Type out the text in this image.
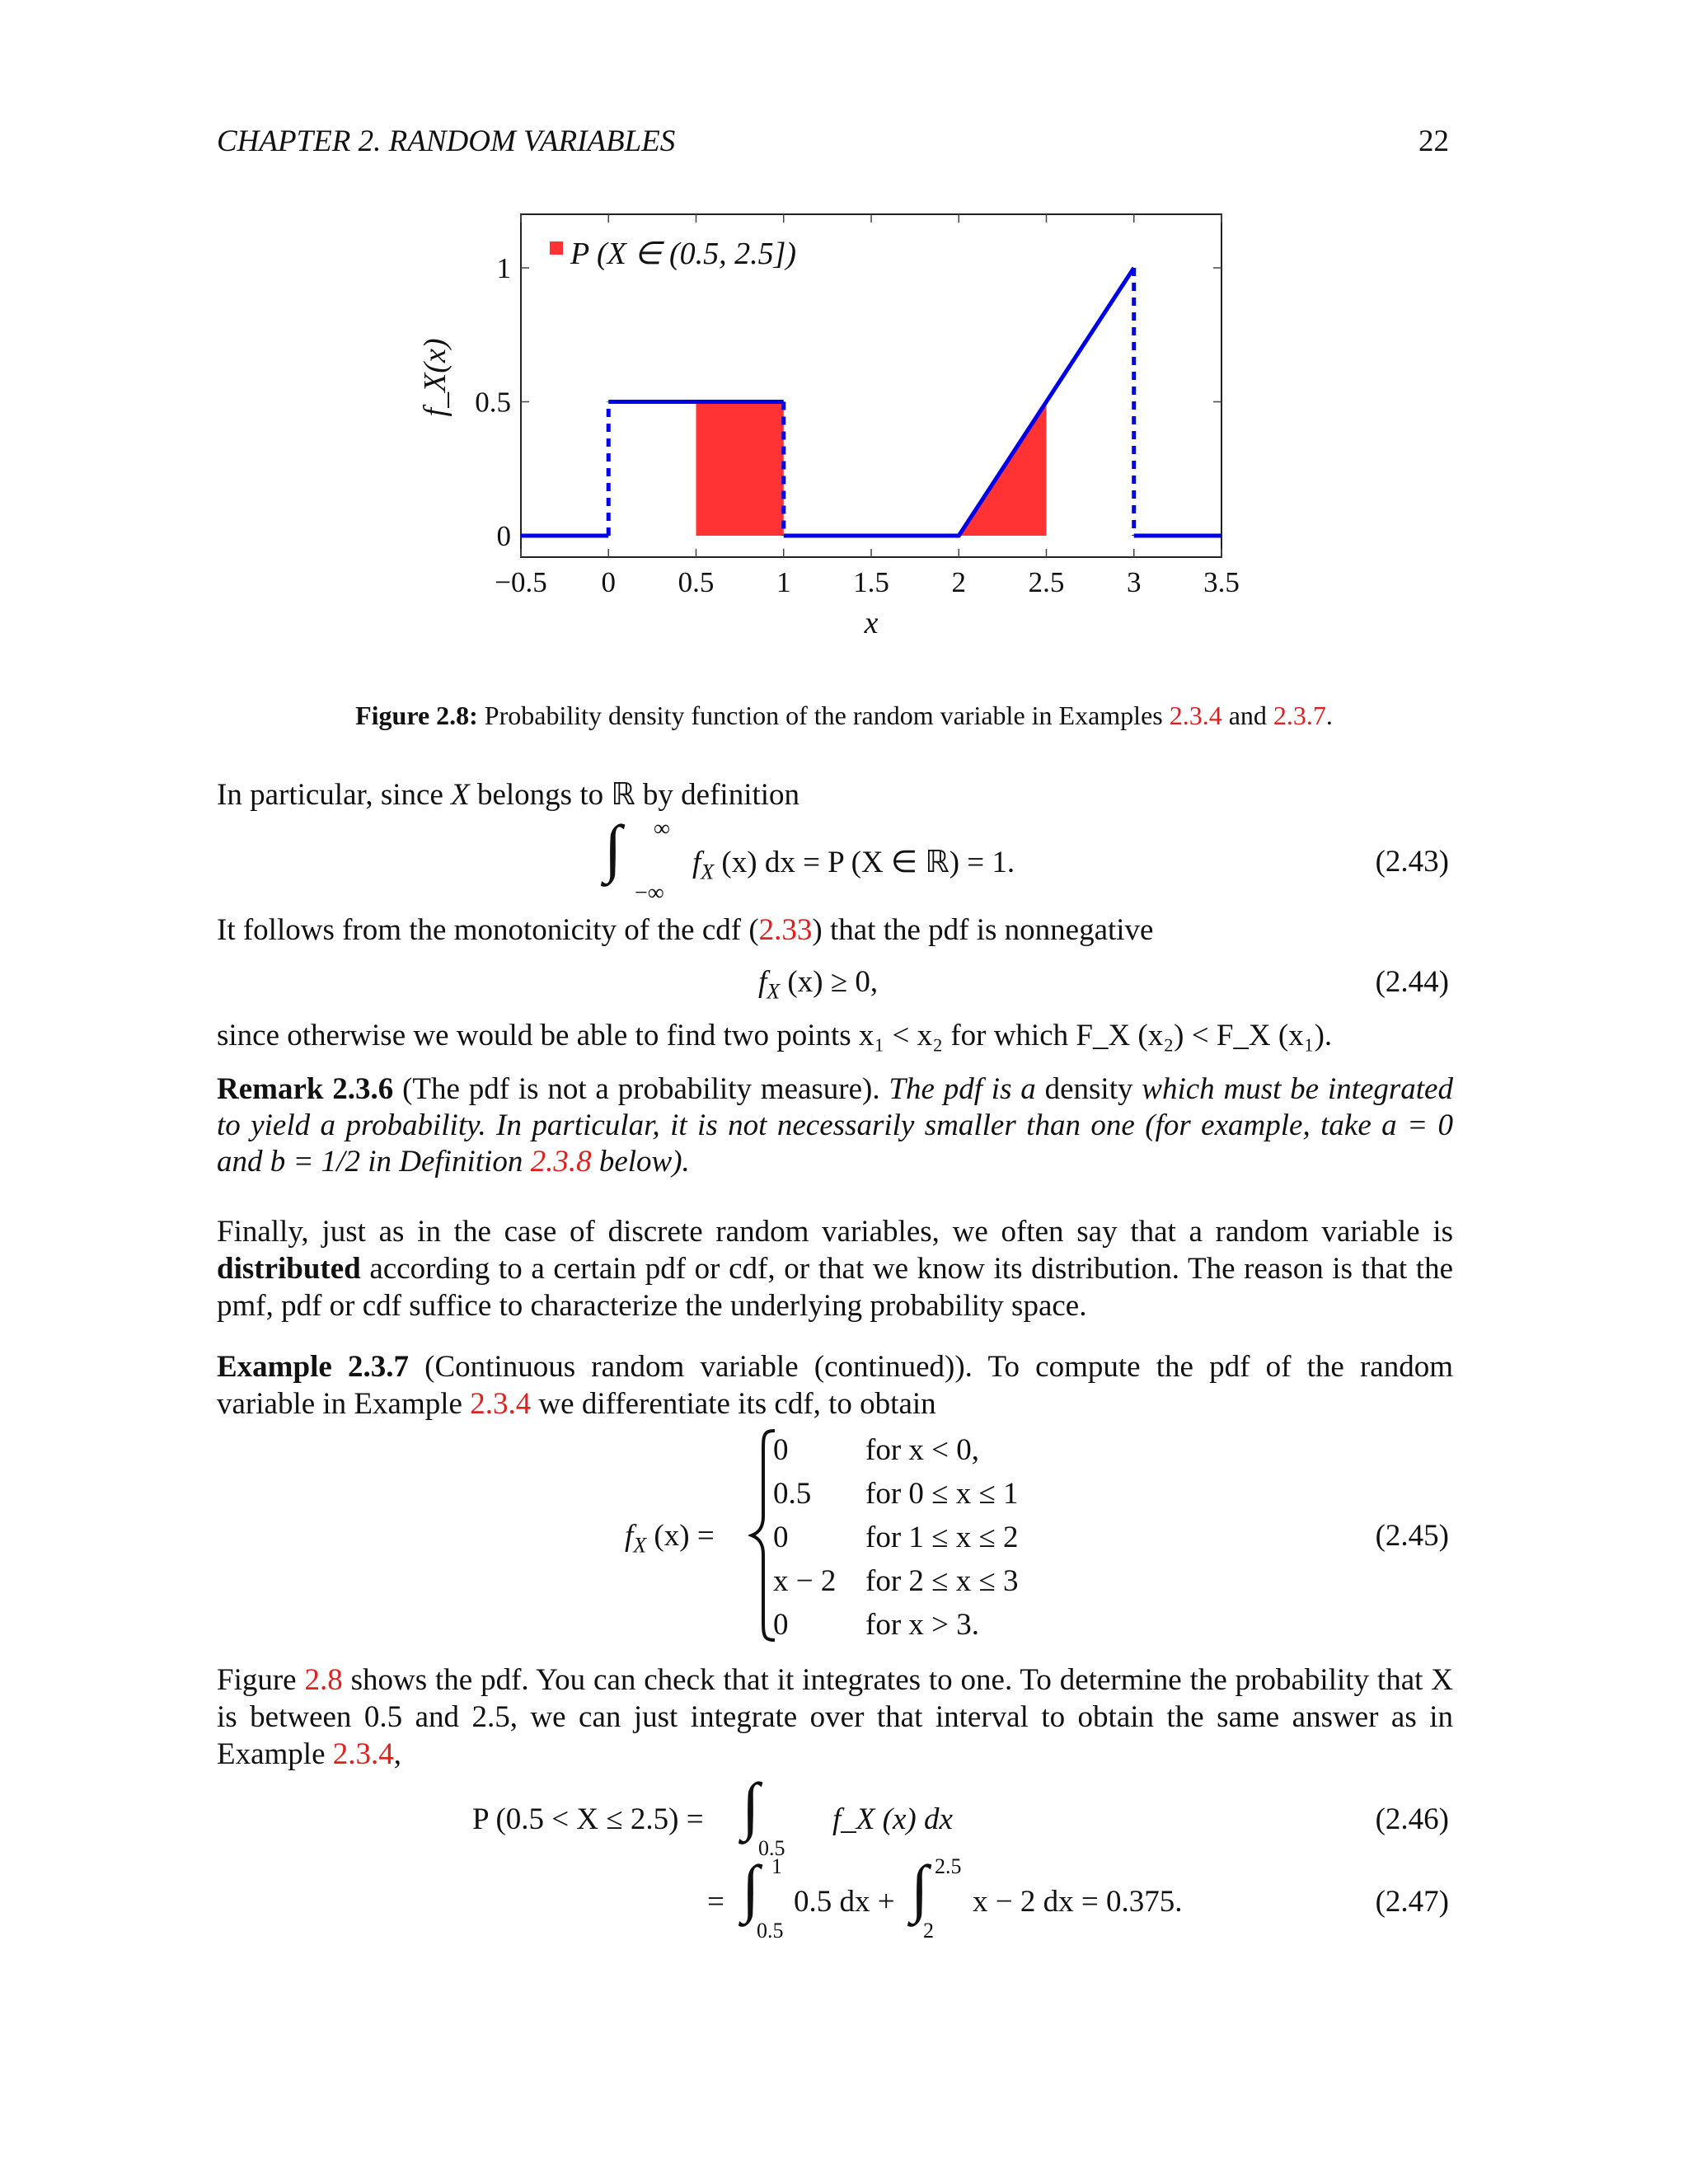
CHAPTER 2. RANDOM VARIABLES	22
−0.5 0 0.5 1 1.5 2 2.5 3 3.5
0
0.5
1 P (X ∈ (0.5, 2.5])
x
f_X(x)
Figure 2.8: Probability density function of the random variable in Examples 2.3.4 and 2.3.7.
In particular, since X belongs to ℝ by definition
∫ ∞
−∞
$f_X$ (x) dx = P (X ∈ ℝ) = 1.	(2.43)
It follows from the monotonicity of the cdf (2.33) that the pdf is nonnegative
$f_X$ (x) ≥ 0,	(2.44)
since otherwise we would be able to find two points x₁ < x₂ for which F_X (x₂) < F_X (x₁).
Remark 2.3.6 (The pdf is not a probability measure). The pdf is a density which must be integrated to yield a probability. In particular, it is not necessarily smaller than one (for example, take a = 0 and b = 1/2 in Definition 2.3.8 below).
Finally, just as in the case of discrete random variables, we often say that a random variable is distributed according to a certain pdf or cdf, or that we know its distribution. The reason is that the pmf, pdf or cdf suffice to characterize the underlying probability space.
Example 2.3.7 (Continuous random variable (continued)). To compute the pdf of the random variable in Example 2.3.4 we differentiate its cdf, to obtain
$f_X$ (x) =
0	for x < 0,
0.5 for 0 ≤ x ≤ 1
0	for 1 ≤ x ≤ 2
x − 2 for 2 ≤ x ≤ 3
0	for x > 3.
(2.45)
Figure 2.8 shows the pdf. You can check that it integrates to one. To determine the probability that X is between 0.5 and 2.5, we can just integrate over that interval to obtain the same answer as in Example 2.3.4,
P (0.5 < X ≤ 2.5) = ∫
0.5
f_X (x) dx	(2.46)
= ∫ 1
0.5
0.5 dx + ∫ 2.5
2
x − 2 dx = 0.375.	(2.47)
